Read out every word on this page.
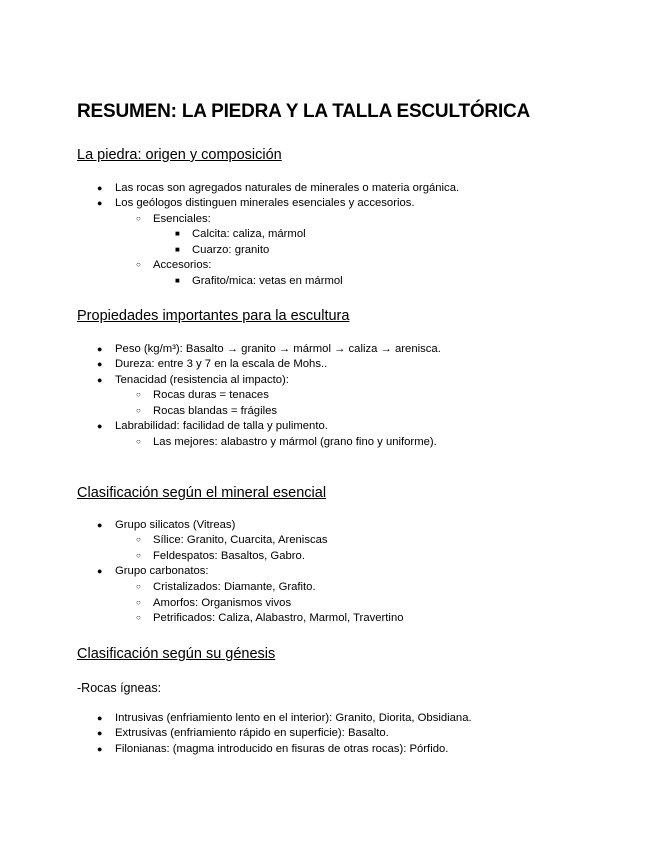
RESUMEN: LA PIEDRA Y LA TALLA ESCULTÓRICA
La piedra: origen y composición
● Las rocas son agregados naturales de minerales o materia orgánica.
● Los geólogos distinguen minerales esenciales y accesorios.
○ Esenciales:
■ Calcita: caliza, mármol
■ Cuarzo: granito
○ Accesorios:
■ Grafito/mica: vetas en mármol
Propiedades importantes para la escultura
● Peso (kg/m³): Basalto → granito → mármol → caliza → arenisca.
● Dureza: entre 3 y 7 en la escala de Mohs..
● Tenacidad (resistencia al impacto):
○ Rocas duras = tenaces
○ Rocas blandas = frágiles
● Labrabilidad: facilidad de talla y pulimento.
○ Las mejores: alabastro y mármol (grano fino y uniforme).
Clasificación según el mineral esencial
● Grupo silicatos (Vitreas)
○ Sílice: Granito, Cuarcita, Areniscas
○ Feldespatos: Basaltos, Gabro.
● Grupo carbonatos:
○ Cristalizados: Diamante, Grafito.
○ Amorfos: Organismos vivos
○ Petrificados: Caliza, Alabastro, Marmol, Travertino
Clasificación según su génesis
-Rocas ígneas:
● Intrusivas (enfriamiento lento en el interior): Granito, Diorita, Obsidiana.
● Extrusivas (enfriamiento rápido en superficie): Basalto.
● Filonianas: (magma introducido en fisuras de otras rocas): Pórfido.
